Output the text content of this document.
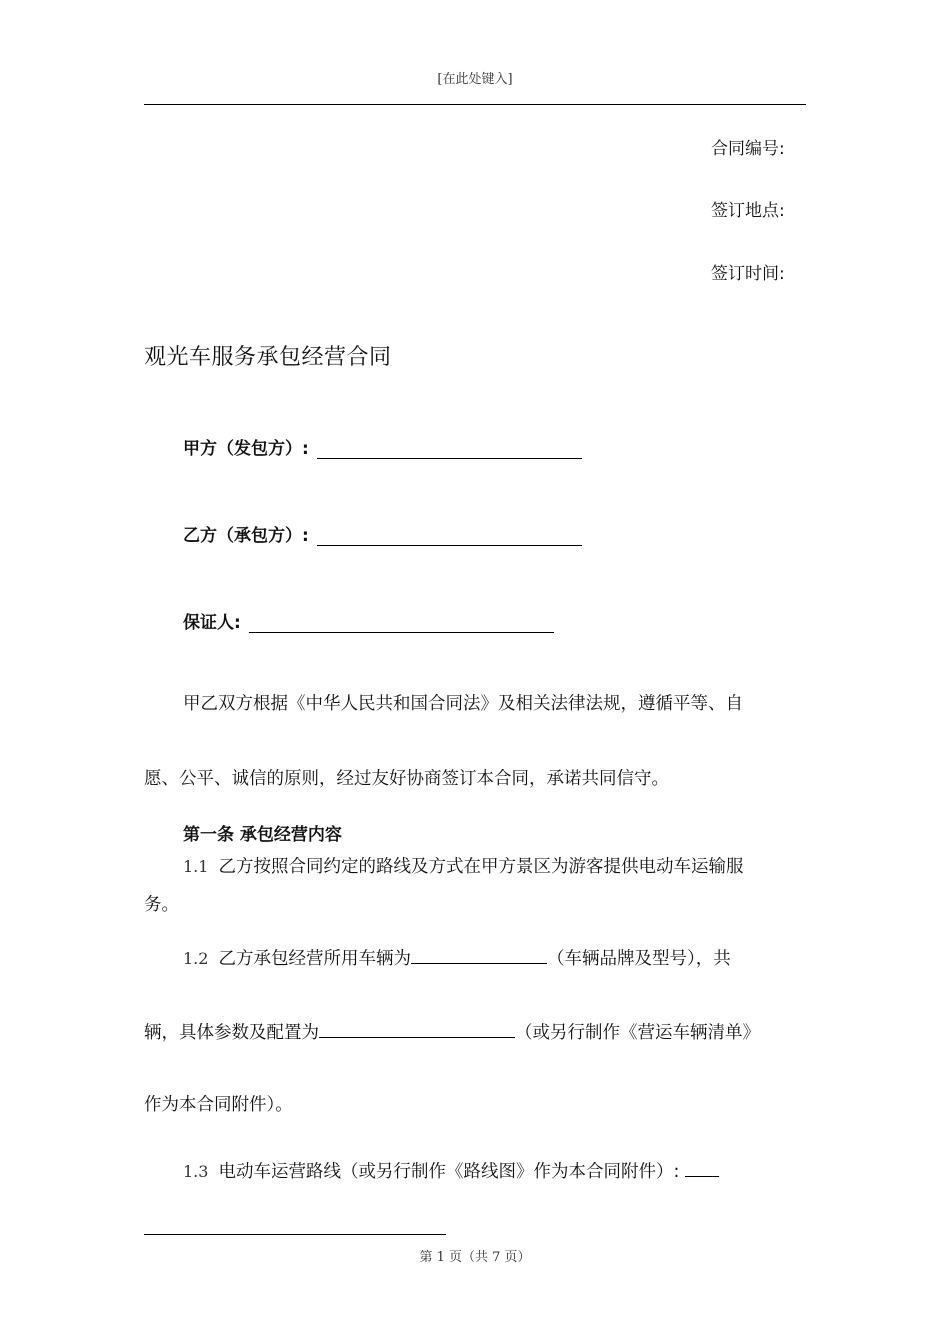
[在此处键入]
合同编号:
签订地点:
签订时间:
观光车服务承包经营合同
甲方（发包方）:
乙方（承包方）:
保证人:
甲乙双方根据《中华人民共和国合同法》及相关法律法规，遵循平等、自
愿、公平、诚信的原则，经过友好协商签订本合同，承诺共同信守。
第一条 承包经营内容
1.1 乙方按照合同约定的路线及方式在甲方景区为游客提供电动车运输服
务。
1.2 乙方承包经营所用车辆为	（车辆品牌及型号），共
辆，具体参数及配置为	（或另行制作《营运车辆清单》
作为本合同附件）。
1.3 电动车运营路线（或另行制作《路线图》作为本合同附件）:
第 1 页（共 7 页）
